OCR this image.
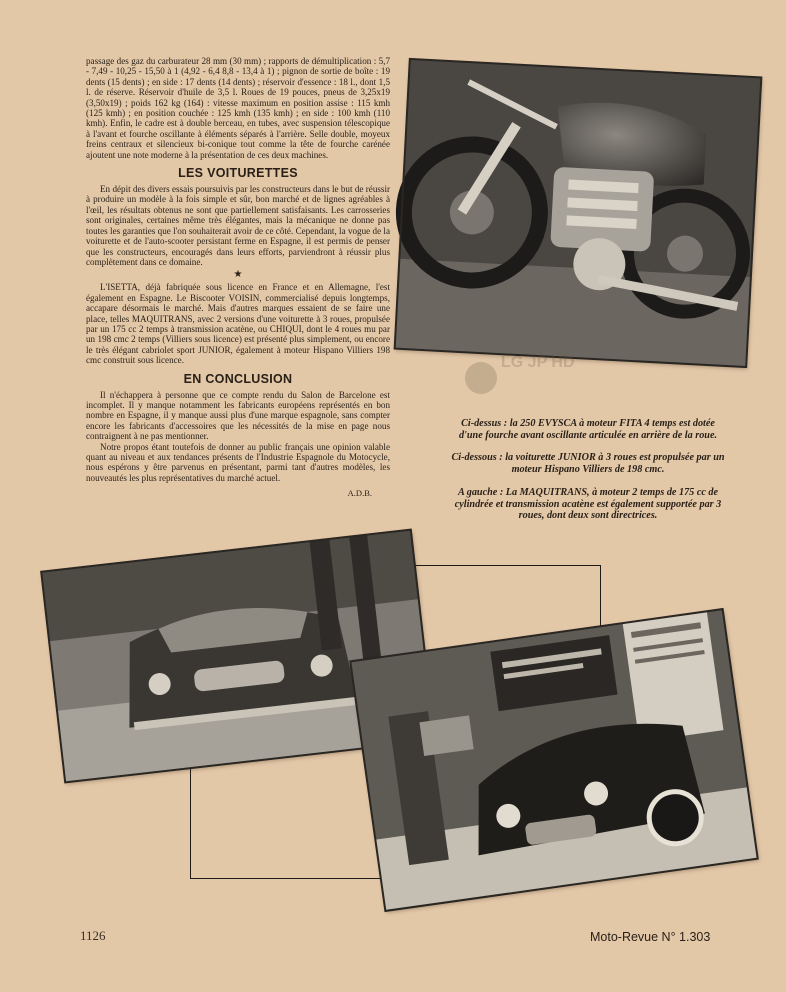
passage des gaz du carburateur 28 mm (30 mm) ; rapports de démultiplication : 5,7 - 7,49 - 10,25 - 15,50 à 1 (4,92 - 6,4 8,8 - 13,4 à 1) ; pignon de sortie de boîte : 19 dents (15 dents) ; en side : 17 dents (14 dents) ; réservoir d'essence : 18 l., dont 1,5 l. de réserve. Réservoir d'huile de 3,5 l. Roues de 19 pouces, pneus de 3,25x19 (3,50x19) ; poids 162 kg (164) : vitesse maximum en position assise : 115 kmh (125 kmh) ; en position couchée : 125 kmh (135 kmh) ; en side : 100 kmh (110 kmh). Enfin, le cadre est à double berceau, en tubes, avec suspension télescopique à l'avant et fourche oscillante à éléments séparés à l'arrière. Selle double, moyeux freins centraux et silencieux bi-conique tout comme la tête de fourche carénée ajoutent une note moderne à la présentation de ces deux machines.

LES VOITURETTES

En dépit des divers essais poursuivis par les constructeurs dans le but de réussir à produire un modèle à la fois simple et sûr, bon marché et de lignes agréables à l'œil, les résultats obtenus ne sont que partiellement satisfaisants. Les carrosseries sont originales, certaines même très élégantes, mais la mécanique ne donne pas toutes les garanties que l'on souhaiterait avoir de ce côté. Cependant, la vogue de la voiturette et de l'auto-scooter persistant ferme en Espagne, il est permis de penser que les constructeurs, encouragés dans leurs efforts, parviendront à réussir plus complètement dans ce domaine.

★

L'ISETTA, déjà fabriquée sous licence en France et en Allemagne, l'est également en Espagne. Le Biscooter VOISIN, commercialisé depuis longtemps, accapare désormais le marché. Mais d'autres marques essaient de se faire une place, telles MAQUITRANS, avec 2 versions d'une voiturette à 3 roues, propulsée par un 175 cc 2 temps à transmission acatène, ou CHIQUI, dont le 4 roues mu par un 198 cmc 2 temps (Villiers sous licence) est présenté plus simplement, ou encore le très élégant cabriolet sport JUNIOR, également à moteur Hispano Villiers 198 cmc construit sous licence.

EN CONCLUSION

Il n'échappera à personne que ce compte rendu du Salon de Barcelone est incomplet. Il y manque notamment les fabricants européens représentés en bon nombre en Espagne, il y manque aussi plus d'une marque espagnole, sans compter encore les fabricants d'accessoires que les nécessités de la mise en page nous contraignent à ne pas mentionner.

Notre propos étant toutefois de donner au public français une opinion valable quant au niveau et aux tendances présents de l'Industrie Espagnole du Motocycle, nous espérons y être parvenus en présentant, parmi tant d'autres modèles, les nouveautés les plus représentatives du marché actuel.

A.D.B.
LG JP HD
Ci-dessus : la 250 EVYSCA à moteur FITA 4 temps est dotée d'une fourche avant oscillante articulée en arrière de la roue.
Ci-dessous : la voiturette JUNIOR à 3 roues est propulsée par un moteur Hispano Villiers de 198 cmc.
A gauche : La MAQUITRANS, à moteur 2 temps de 175 cc de cylindrée et transmission acatène est également supportée par 3 roues, dont deux sont directrices.
1126	Moto-Revue N° 1.303
